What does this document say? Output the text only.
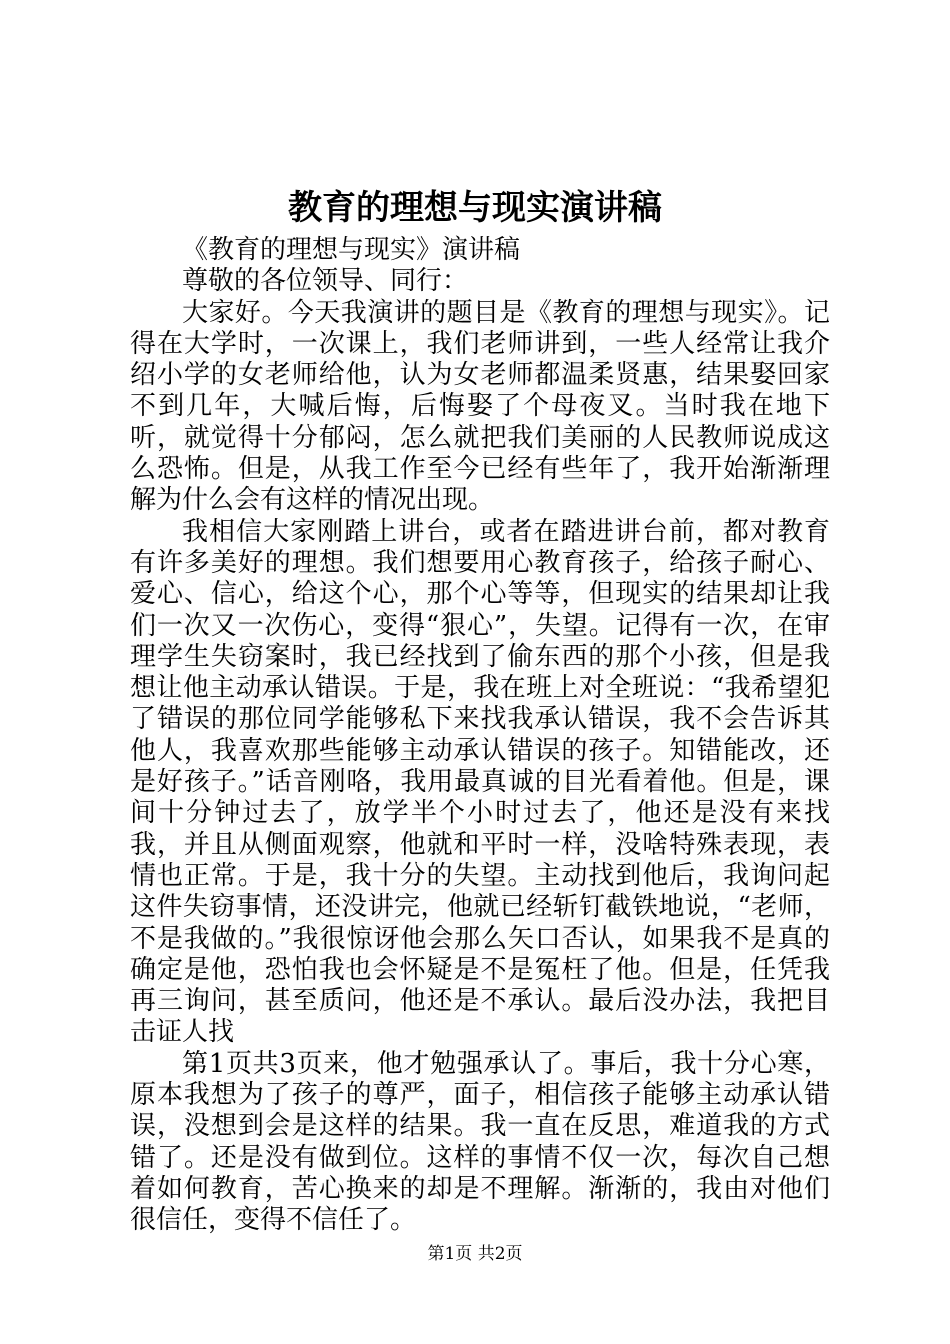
教育的理想与现实演讲稿

《教育的理想与现实》演讲稿

尊敬的各位领导、同行：

大家好。今天我演讲的题目是《教育的理想与现实》。记得在大学时，一次课上，我们老师讲到，一些人经常让我介绍小学的女老师给他，认为女老师都温柔贤惠，结果娶回家不到几年，大喊后悔，后悔娶了个母夜叉。当时我在地下听，就觉得十分郁闷，怎么就把我们美丽的人民教师说成这么恐怖。但是，从我工作至今已经有些年了，我开始渐渐理解为什么会有这样的情况出现。

我相信大家刚踏上讲台，或者在踏进讲台前，都对教育有许多美好的理想。我们想要用心教育孩子，给孩子耐心、爱心、信心，给这个心，那个心等等，但现实的结果却让我们一次又一次伤心，变得“狠心”，失望。记得有一次，在审理学生失窃案时，我已经找到了偷东西的那个小孩，但是我想让他主动承认错误。于是，我在班上对全班说：“我希望犯了错误的那位同学能够私下来找我承认错误，我不会告诉其他人，我喜欢那些能够主动承认错误的孩子。知错能改，还是好孩子。”话音刚咯，我用最真诚的目光看着他。但是，课间十分钟过去了，放学半个小时过去了，他还是没有来找我，并且从侧面观察，他就和平时一样，没啥特殊表现，表情也正常。于是，我十分的失望。主动找到他后，我询问起这件失窃事情，还没讲完，他就已经斩钉截铁地说，“老师，不是我做的。”我很惊讶他会那么矢口否认，如果我不是真的确定是他，恐怕我也会怀疑是不是冤枉了他。但是，任凭我再三询问，甚至质问，他还是不承认。最后没办法，我把目击证人找

第1页共3页来，他才勉强承认了。事后，我十分心寒，原本我想为了孩子的尊严，面子，相信孩子能够主动承认错误，没想到会是这样的结果。我一直在反思，难道我的方式错了。还是没有做到位。这样的事情不仅一次，每次自己想着如何教育，苦心换来的却是不理解。渐渐的，我由对他们很信任，变得不信任了。

第1页 共2页
